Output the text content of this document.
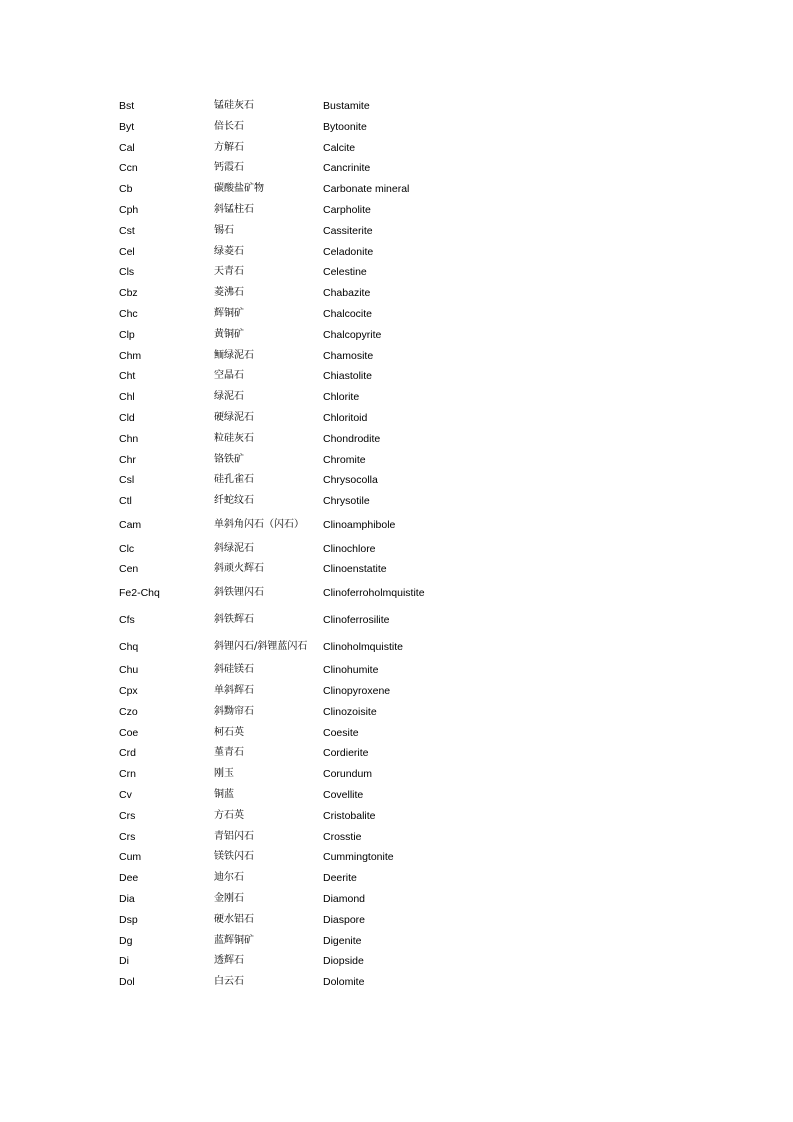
Bst	锰硅灰石	Bustamite
Byt	倍长石	Bytoonite
Cal	方解石	Calcite
Ccn	钙霞石	Cancrinite
Cb	碳酸盐矿物	Carbonate mineral
Cph	斜锰柱石	Carpholite
Cst	锡石	Cassiterite
Cel	绿菱石	Celadonite
Cls	天青石	Celestine
Cbz	菱沸石	Chabazite
Chc	辉铜矿	Chalcocite
Clp	黄铜矿	Chalcopyrite
Chm	鲕绿泥石	Chamosite
Cht	空晶石	Chiastolite
Chl	绿泥石	Chlorite
Cld	硬绿泥石	Chloritoid
Chn	粒硅灰石	Chondrodite
Chr	铬铁矿	Chromite
Csl	硅孔雀石	Chrysocolla
Ctl	纤蛇纹石	Chrysotile
Cam	单斜角闪石（闪石） Clinoamphibole
Clc	斜绿泥石	Clinochlore
Cen	斜顽火辉石	Clinoenstatite
Fe2-Chq	斜铁锂闪石	Clinoferroholmquistite
Cfs	斜铁辉石	Clinoferrosilite
Chq	斜锂闪石/斜锂蓝闪石 Clinoholmquistite
Chu	斜硅镁石	Clinohumite
Cpx	单斜辉石	Clinopyroxene
Czo	斜黝帘石	Clinozoisite
Coe	柯石英	Coesite
Crd	堇青石	Cordierite
Crn	刚玉	Corundum
Cv	铜蓝	Covellite
Crs	方石英	Cristobalite
Crs	青铝闪石	Crosstie
Cum	镁铁闪石	Cummingtonite
Dee	迪尔石	Deerite
Dia	金刚石	Diamond
Dsp	硬水铝石	Diaspore
Dg	蓝辉铜矿	Digenite
Di	透辉石	Diopside
Dol	白云石	Dolomite
